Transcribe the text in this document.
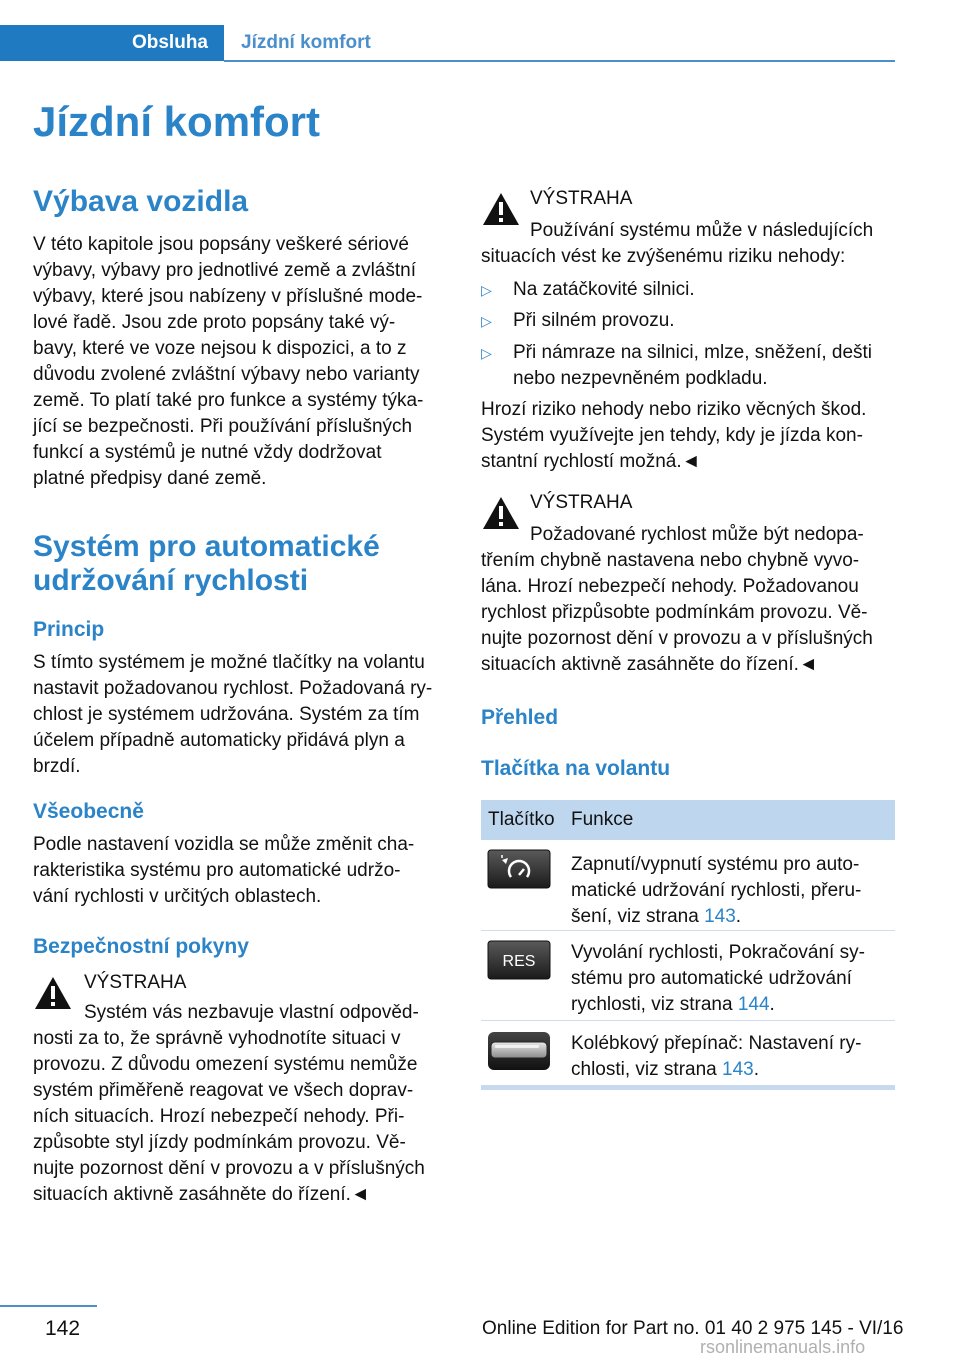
Obsluha	Jízdní komfort
Jízdní komfort
Výbava vozidla
V této kapitole jsou popsány veškeré sériové
výbavy, výbavy pro jednotlivé země a zvláštní
výbavy, které jsou nabízeny v příslušné mode-
lové řadě. Jsou zde proto popsány také vý-
bavy, které ve voze nejsou k dispozici, a to z
důvodu zvolené zvláštní výbavy nebo varianty
země. To platí také pro funkce a systémy týka-
jící se bezpečnosti. Při používání příslušných
funkcí a systémů je nutné vždy dodržovat
platné předpisy dané země.
Systém pro automatické
udržování rychlosti
Princip
S tímto systémem je možné tlačítky na volantu
nastavit požadovanou rychlost. Požadovaná ry-
chlost je systémem udržována. Systém za tím
účelem případně automaticky přidává plyn a
brzdí.
Všeobecně
Podle nastavení vozidla se může změnit cha-
rakteristika systému pro automatické udržo-
vání rychlosti v určitých oblastech.
Bezpečnostní pokyny
VÝSTRAHA
Systém vás nezbavuje vlastní odpověd-
nosti za to, že správně vyhodnotíte situaci v
provozu. Z důvodu omezení systému nemůže
systém přiměřeně reagovat ve všech doprav-
ních situacích. Hrozí nebezpečí nehody. Při-
způsobte styl jízdy podmínkám provozu. Vě-
nujte pozornost dění v provozu a v příslušných
situacích aktivně zasáhněte do řízení.◄
VÝSTRAHA
Používání systému může v následujících
situacích vést ke zvýšenému riziku nehody:
▷ Na zatáčkovité silnici.
▷ Při silném provozu.
▷ Při námraze na silnici, mlze, sněžení, dešti
nebo nezpevněném podkladu.
Hrozí riziko nehody nebo riziko věcných škod.
Systém využívejte jen tehdy, kdy je jízda kon-
stantní rychlostí možná.◄
VÝSTRAHA
Požadované rychlost může být nedopa-
třením chybně nastavena nebo chybně vyvo-
lána. Hrozí nebezpečí nehody. Požadovanou
rychlost přizpůsobte podmínkám provozu. Vě-
nujte pozornost dění v provozu a v příslušných
situacích aktivně zasáhněte do řízení.◄
Přehled
Tlačítka na volantu
Tlačítko Funkce
Zapnutí/vypnutí systému pro auto-
matické udržování rychlosti, přeru-
šení, viz strana 143.
RES Vyvolání rychlosti, Pokračování sy-
stému pro automatické udržování
rychlosti, viz strana 144.
Kolébkový přepínač: Nastavení ry-
chlosti, viz strana 143.
142	Online Edition for Part no. 01 40 2 975 145 - VI/16
rsonlinemanuals.info
